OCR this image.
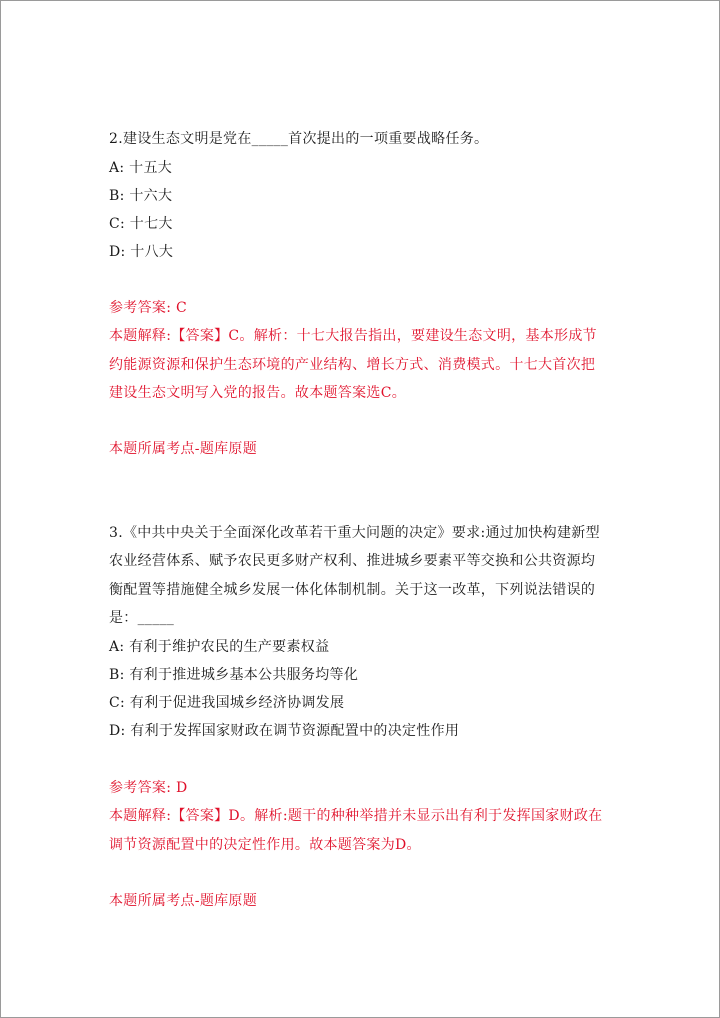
2.建设生态文明是党在_____首次提出的一项重要战略任务。
A: 十五大
B: 十六大
C: 十七大
D: 十八大
参考答案: C
本题解释:【答案】C。解析：十七大报告指出，要建设生态文明，基本形成节
约能源资源和保护生态环境的产业结构、增长方式、消费模式。十七大首次把
建设生态文明写入党的报告。故本题答案选C。
本题所属考点-题库原题
3.《中共中央关于全面深化改革若干重大问题的决定》要求:通过加快构建新型
农业经营体系、赋予农民更多财产权利、推进城乡要素平等交换和公共资源均
衡配置等措施健全城乡发展一体化体制机制。关于这一改革，下列说法错误的
是：_____
A: 有利于维护农民的生产要素权益
B: 有利于推进城乡基本公共服务均等化
C: 有利于促进我国城乡经济协调发展
D: 有利于发挥国家财政在调节资源配置中的决定性作用
参考答案: D
本题解释:【答案】D。解析:题干的种种举措并未显示出有利于发挥国家财政在
调节资源配置中的决定性作用。故本题答案为D。
本题所属考点-题库原题
